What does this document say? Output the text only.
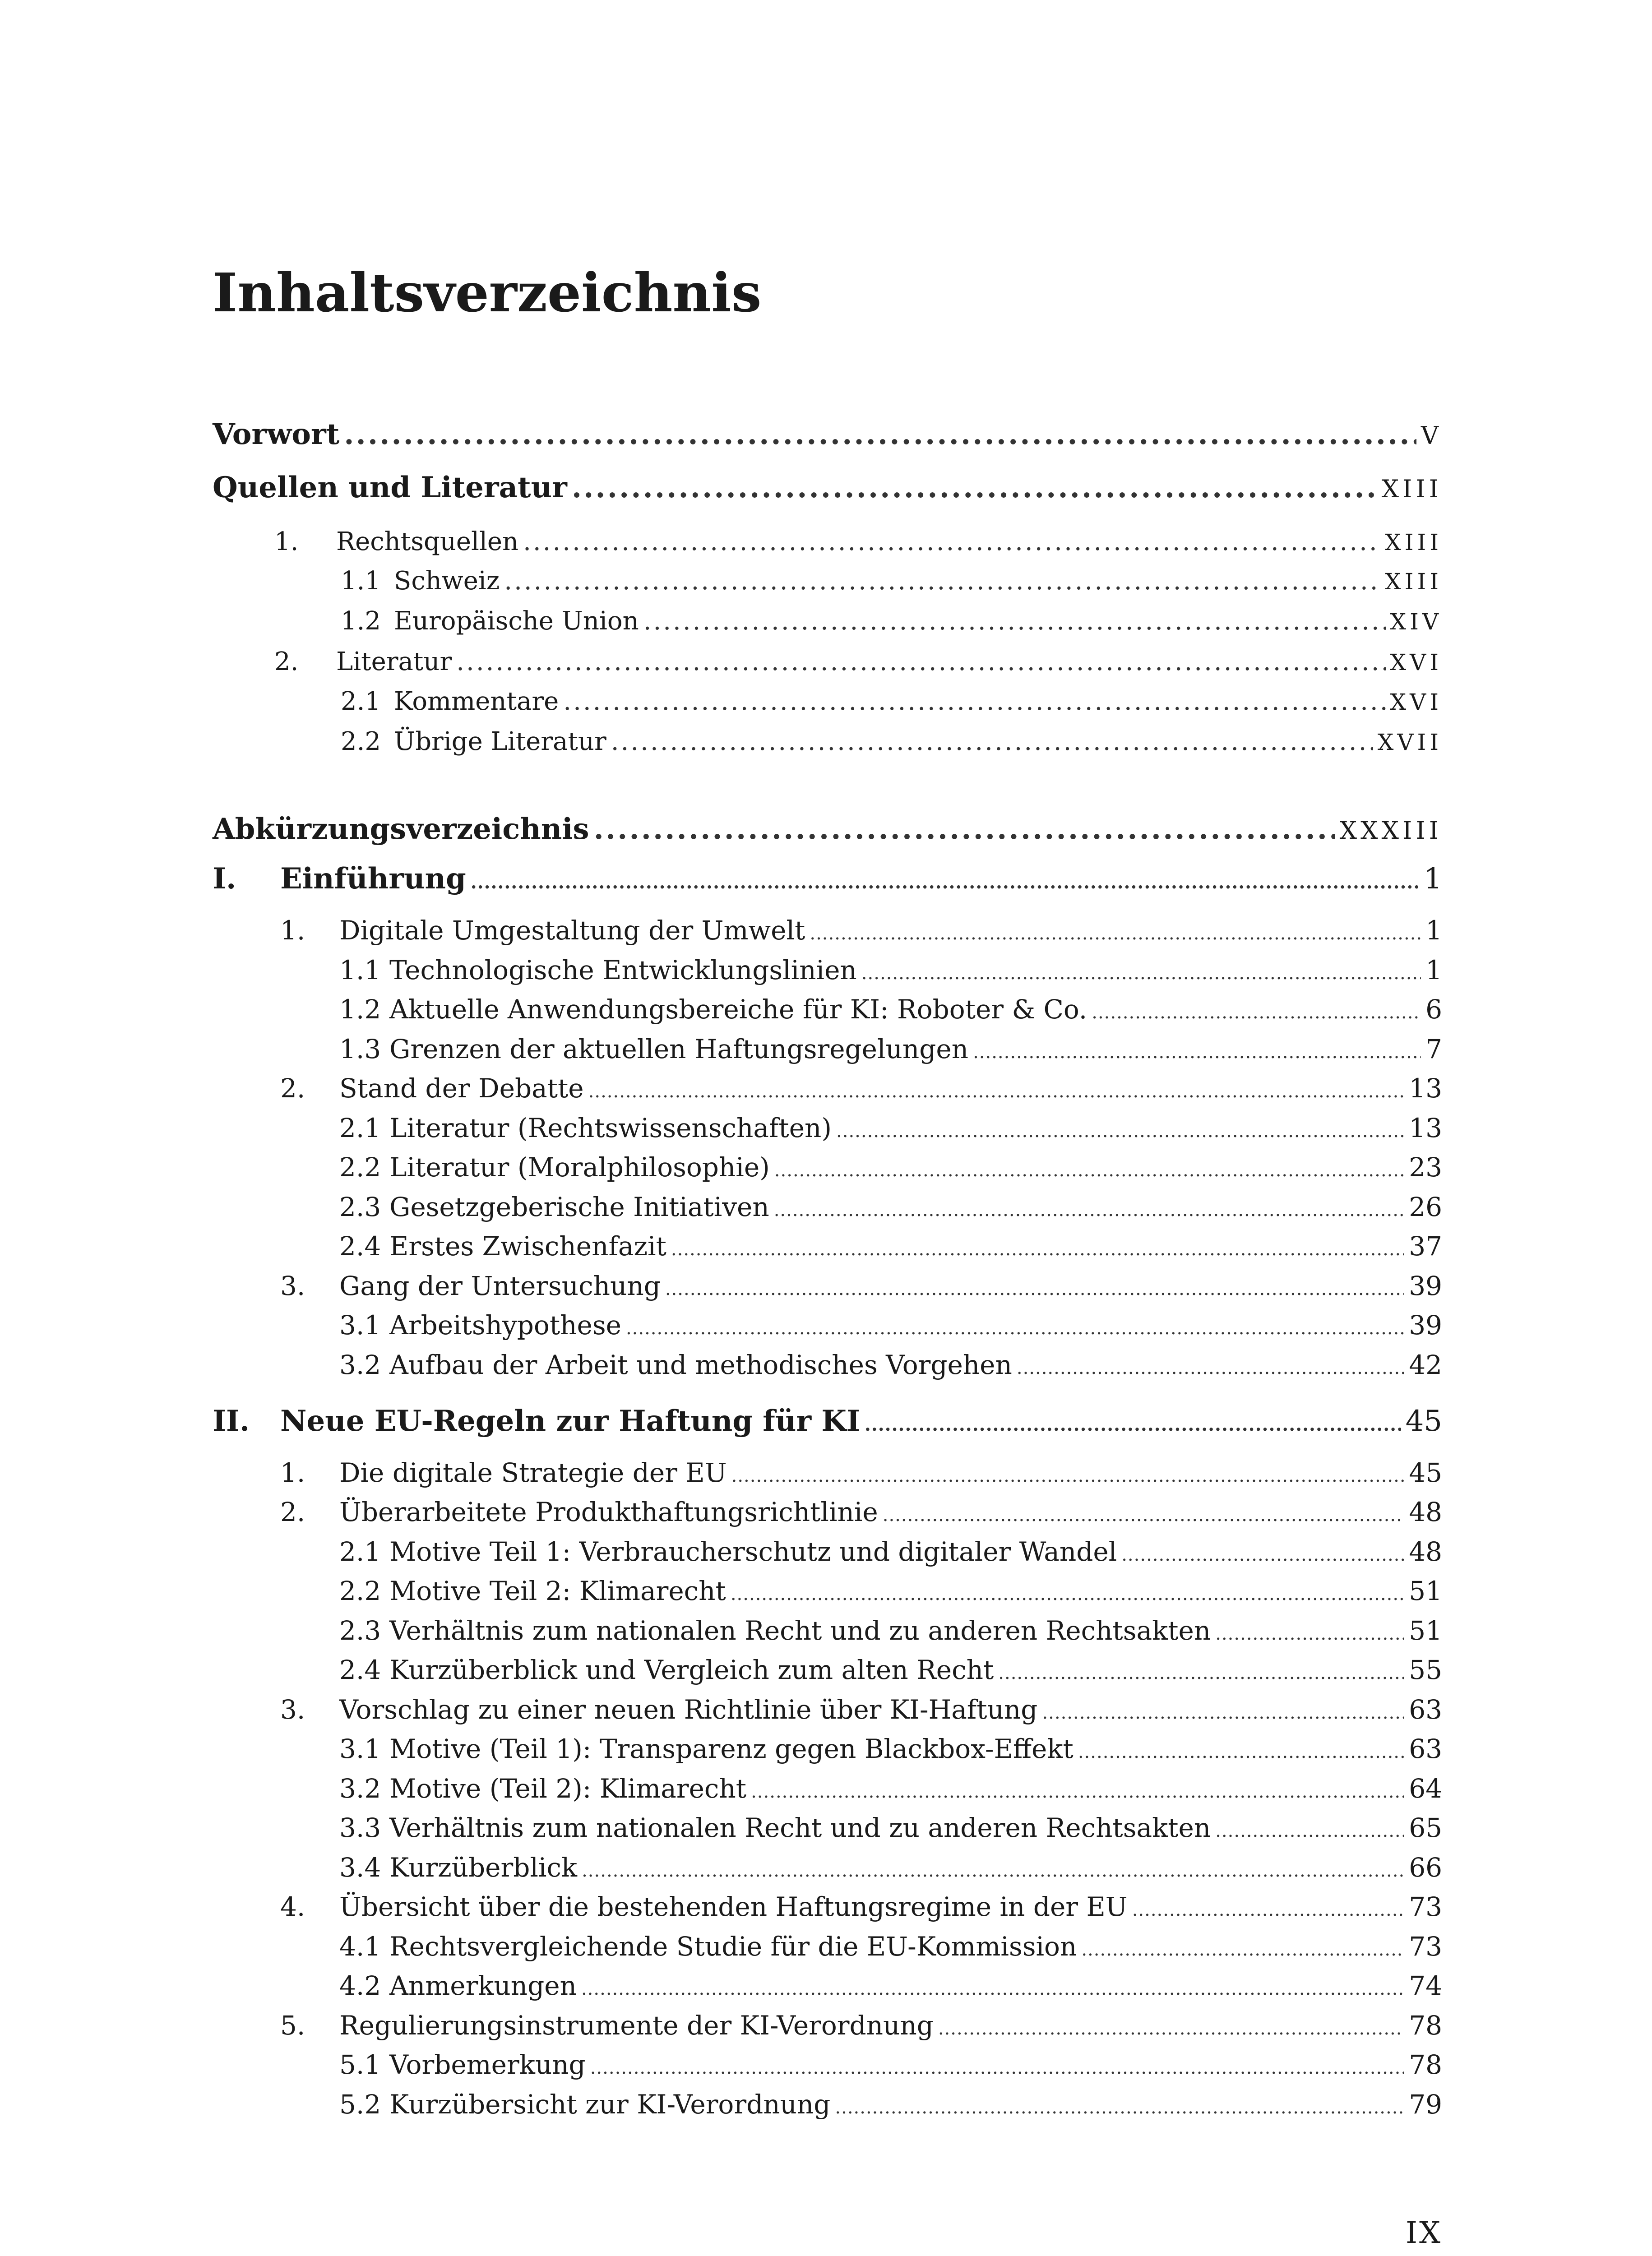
Inhaltsverzeichnis
Vorwort .....	V
Quellen und Literatur .....	XIII
1.	Rechtsquellen .....	XIII
1.1 Schweiz .....	XIII
1.2 Europäische Union .....	XIV
2.	Literatur .....	XVI
2.1 Kommentare .....	XVI
2.2 Übrige Literatur .....	XVII
Abkürzungsverzeichnis .....	XXXIII
I.	Einführung .....	1
1.	Digitale Umgestaltung der Umwelt .....	1
1.1 Technologische Entwicklungslinien .....	1
1.2 Aktuelle Anwendungsbereiche für KI: Roboter & Co. .....	6
1.3 Grenzen der aktuellen Haftungsregelungen .....	7
2.	Stand der Debatte .....	13
2.1 Literatur (Rechtswissenschaften) .....	13
2.2 Literatur (Moralphilosophie) .....	23
2.3 Gesetzgeberische Initiativen .....	26
2.4 Erstes Zwischenfazit .....	37
3.	Gang der Untersuchung .....	39
3.1 Arbeitshypothese .....	39
3.2 Aufbau der Arbeit und methodisches Vorgehen .....	42
II.	Neue EU-Regeln zur Haftung für KI .....	45
1.	Die digitale Strategie der EU .....	45
2.	Überarbeitete Produkthaftungsrichtlinie .....	48
2.1 Motive Teil 1: Verbraucherschutz und digitaler Wandel .....	48
2.2 Motive Teil 2: Klimarecht .....	51
2.3 Verhältnis zum nationalen Recht und zu anderen Rechtsakten .....	51
2.4 Kurzüberblick und Vergleich zum alten Recht .....	55
3.	Vorschlag zu einer neuen Richtlinie über KI-Haftung .....	63
3.1 Motive (Teil 1): Transparenz gegen Blackbox-Effekt .....	63
3.2 Motive (Teil 2): Klimarecht .....	64
3.3 Verhältnis zum nationalen Recht und zu anderen Rechtsakten .....	65
3.4 Kurzüberblick .....	66
4.	Übersicht über die bestehenden Haftungsregime in der EU .....	73
4.1 Rechtsvergleichende Studie für die EU-Kommission .....	73
4.2 Anmerkungen .....	74
5.	Regulierungsinstrumente der KI-Verordnung .....	78
5.1 Vorbemerkung .....	78
5.2 Kurzübersicht zur KI-Verordnung .....	79
IX
